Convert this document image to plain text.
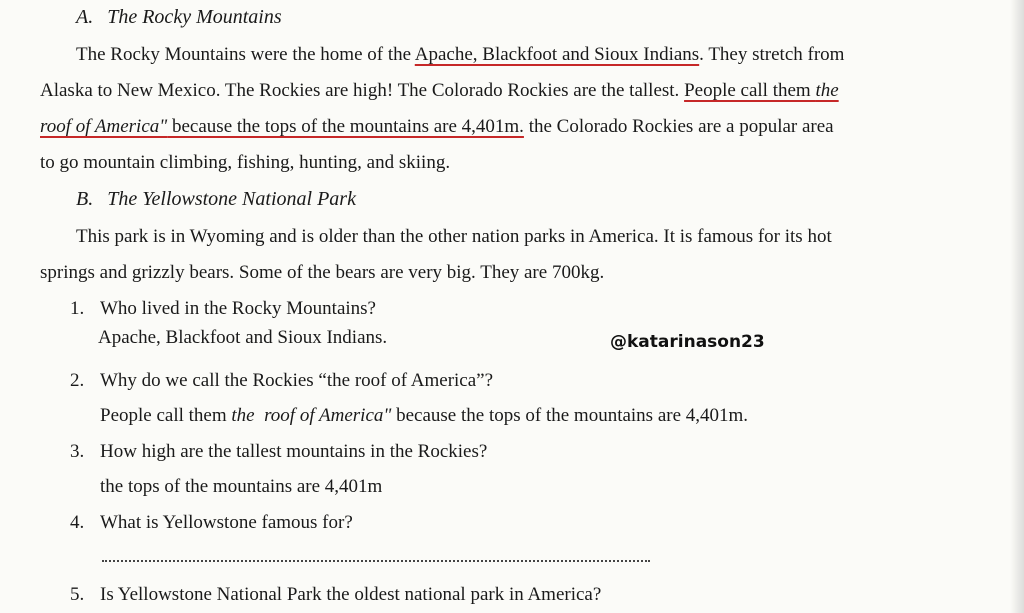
A. The Rocky Mountains
The Rocky Mountains were the home of the Apache, Blackfoot and Sioux Indians. They stretch from
Alaska to New Mexico. The Rockies are high! The Colorado Rockies are the tallest. People call them the
roof of America" because the tops of the mountains are 4,401m. the Colorado Rockies are a popular area
to go mountain climbing, fishing, hunting, and skiing.
B. The Yellowstone National Park
This park is in Wyoming and is older than the other nation parks in America. It is famous for its hot
springs and grizzly bears. Some of the bears are very big. They are 700kg.
1. Who lived in the Rocky Mountains?
Apache, Blackfoot and Sioux Indians.	@katarinason23
2. Why do we call the Rockies “the roof of America”?
People call them the roof of America" because the tops of the mountains are 4,401m.
3. How high are the tallest mountains in the Rockies?
the tops of the mountains are 4,401m
4. What is Yellowstone famous for?
5. Is Yellowstone National Park the oldest national park in America?
